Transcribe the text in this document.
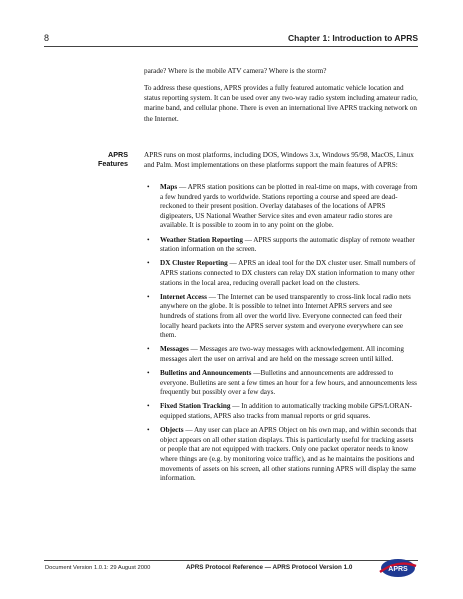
8	Chapter 1: Introduction to APRS

parade? Where is the mobile ATV camera? Where is the storm?

To address these questions, APRS provides a fully featured automatic vehicle location and status reporting system. It can be used over any two-way radio system including amateur radio, marine band, and cellular phone. There is even an international live APRS tracking network on the Internet.

APRS
Features

APRS runs on most platforms, including DOS, Windows 3.x, Windows 95/98, MacOS, Linux and Palm. Most implementations on these platforms support the main features of APRS:

• Maps — APRS station positions can be plotted in real-time on maps, with coverage from a few hundred yards to worldwide. Stations reporting a course and speed are dead-reckoned to their present position. Overlay databases of the locations of APRS digipeaters, US National Weather Service sites and even amateur radio stores are available. It is possible to zoom in to any point on the globe.
• Weather Station Reporting — APRS supports the automatic display of remote weather station information on the screen.
• DX Cluster Reporting — APRS an ideal tool for the DX cluster user. Small numbers of APRS stations connected to DX clusters can relay DX station information to many other stations in the local area, reducing overall packet load on the clusters.
• Internet Access — The Internet can be used transparently to cross-link local radio nets anywhere on the globe. It is possible to telnet into Internet APRS servers and see hundreds of stations from all over the world live. Everyone connected can feed their locally heard packets into the APRS server system and everyone everywhere can see them.
• Messages — Messages are two-way messages with acknowledgement. All incoming messages alert the user on arrival and are held on the message screen until killed.
• Bulletins and Announcements —Bulletins and announcements are addressed to everyone. Bulletins are sent a few times an hour for a few hours, and announcements less frequently but possibly over a few days.
• Fixed Station Tracking — In addition to automatically tracking mobile GPS/LORAN-equipped stations, APRS also tracks from manual reports or grid squares.
• Objects — Any user can place an APRS Object on his own map, and within seconds that object appears on all other station displays. This is particularly useful for tracking assets or people that are not equipped with trackers. Only one packet operator needs to know where things are (e.g. by monitoring voice traffic), and as he maintains the positions and movements of assets on his screen, all other stations running APRS will display the same information.
Document Version 1.0.1: 29 August 2000	APRS Protocol Reference — APRS Protocol Version 1.0	APRS
